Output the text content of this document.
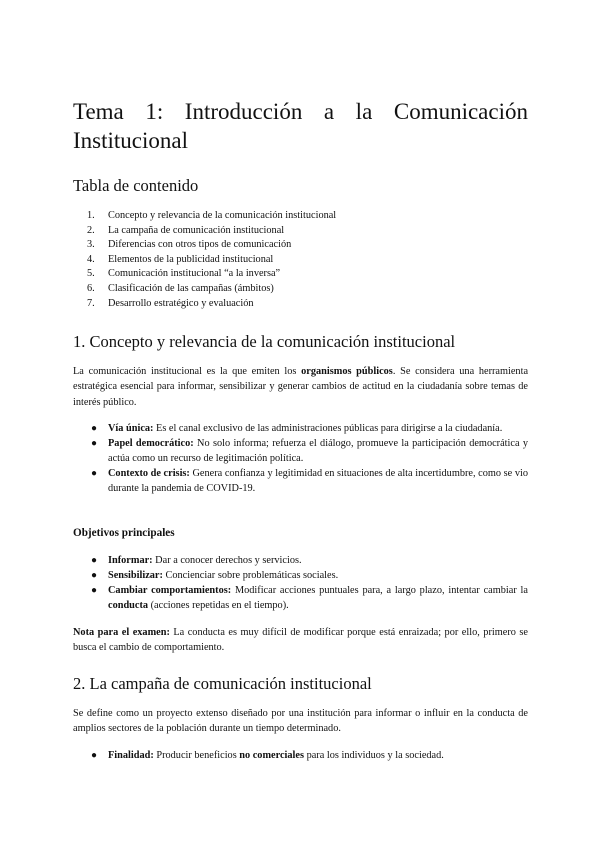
Tema 1: Introducción a la Comunicación
Institucional
Tabla de contenido
1.	Concepto y relevancia de la comunicación institucional
2.	La campaña de comunicación institucional
3.	Diferencias con otros tipos de comunicación
4.	Elementos de la publicidad institucional
5.	Comunicación institucional “a la inversa”
6.	Clasificación de las campañas (ámbitos)
7.	Desarrollo estratégico y evaluación
1. Concepto y relevancia de la comunicación institucional

La comunicación institucional es la que emiten los organismos públicos. Se considera una herramienta estratégica esencial para informar, sensibilizar y generar cambios de actitud en la ciudadanía sobre temas de interés público.

● Vía única: Es el canal exclusivo de las administraciones públicas para dirigirse a la ciudadanía.
● Papel democrático: No solo informa; refuerza el diálogo, promueve la participación democrática y actúa como un recurso de legitimación política.
● Contexto de crisis: Genera confianza y legitimidad en situaciones de alta incertidumbre, como se vio durante la pandemia de COVID-19.
Objetivos principales
● Informar: Dar a conocer derechos y servicios.
● Sensibilizar: Concienciar sobre problemáticas sociales.
● Cambiar comportamientos: Modificar acciones puntuales para, a largo plazo, intentar cambiar la conducta (acciones repetidas en el tiempo).

Nota para el examen: La conducta es muy difícil de modificar porque está enraizada; por ello, primero se busca el cambio de comportamiento.

2. La campaña de comunicación institucional

Se define como un proyecto extenso diseñado por una institución para informar o influir en la conducta de amplios sectores de la población durante un tiempo determinado.

● Finalidad: Producir beneficios no comerciales para los individuos y la sociedad.
